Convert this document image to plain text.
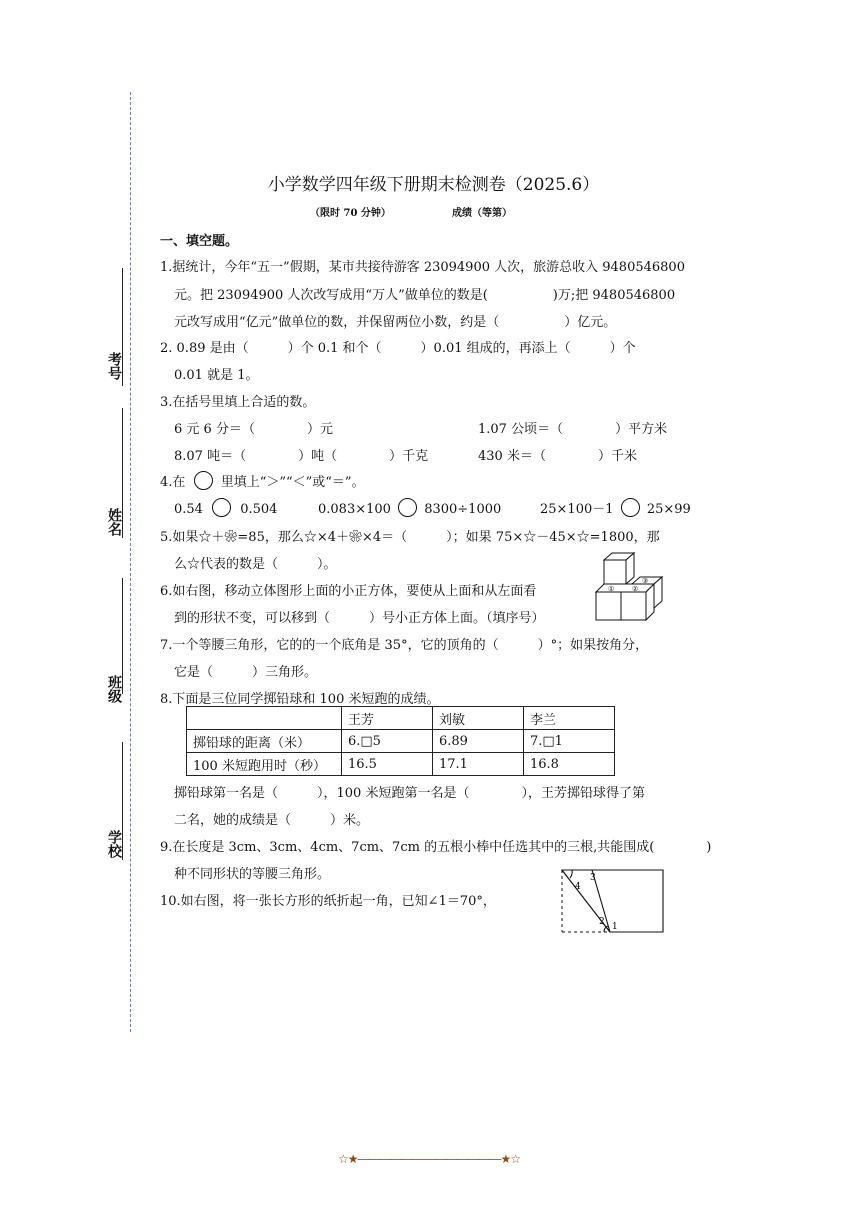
考号
姓名
班级
学校
小学数学四年级下册期末检测卷（2025.6）
（限时 70 分钟）	成绩（等第）
一、填空题。
1.据统计，今年“五一”假期，某市共接待游客 23094900 人次，旅游总收入 9480546800
元。把 23094900 人次改写成用“万人”做单位的数是(　　　　　)万;把 9480546800
元改写成用“亿元”做单位的数，并保留两位小数，约是（　　　　　）亿元。
2. 0.89 是由（　　　）个 0.1 和个（　　　）0.01 组成的，再添上（　　　）个
0.01 就是 1。
3.在括号里填上合适的数。
6 元 6 分＝（　　　　）元	1.07 公顷＝（　　　　）平方米
8.07 吨＝（　　　　）吨（　　　　）千克	430 米＝（　　　　）千米
4.在	里填上“＞”“＜”或“＝”。
0.54	0.504	0.083×100	8300÷1000	25×100－1	25×99
5.如果☆＋❀=85，那么☆×4＋❀×4＝（　　　）；如果 75×☆－45×☆=1800，那
么☆代表的数是（　　　）。
6.如右图，移动立体图形上面的小正方体，要使从上面和从左面看
到的形状不变，可以移到（　　　）号小正方体上面。（填序号）
①	②
③
7.一个等腰三角形，它的的一个底角是 35°，它的顶角的（　　　）°；如果按角分，
它是（　　　）三角形。
8.下面是三位同学掷铅球和 100 米短跑的成绩。
	王芳	刘敏	李兰
掷铅球的距离（米）	6.□5	6.89	7.□1
100 米短跑用时（秒）	16.5	17.1	16.8
掷铅球第一名是（　　　），100 米短跑第一名是（　　　　），王芳掷铅球得了第
二名，她的成绩是（　　　）米。
9.在长度是 3cm、3cm、4cm、7cm、7cm 的五根小棒中任选其中的三根,共能围成(　　　　)
种不同形状的等腰三角形。
10.如右图，将一张长方形的纸折起一角，已知∠1＝70°，
1
2
3
4
☆★―――――――――――――★☆
